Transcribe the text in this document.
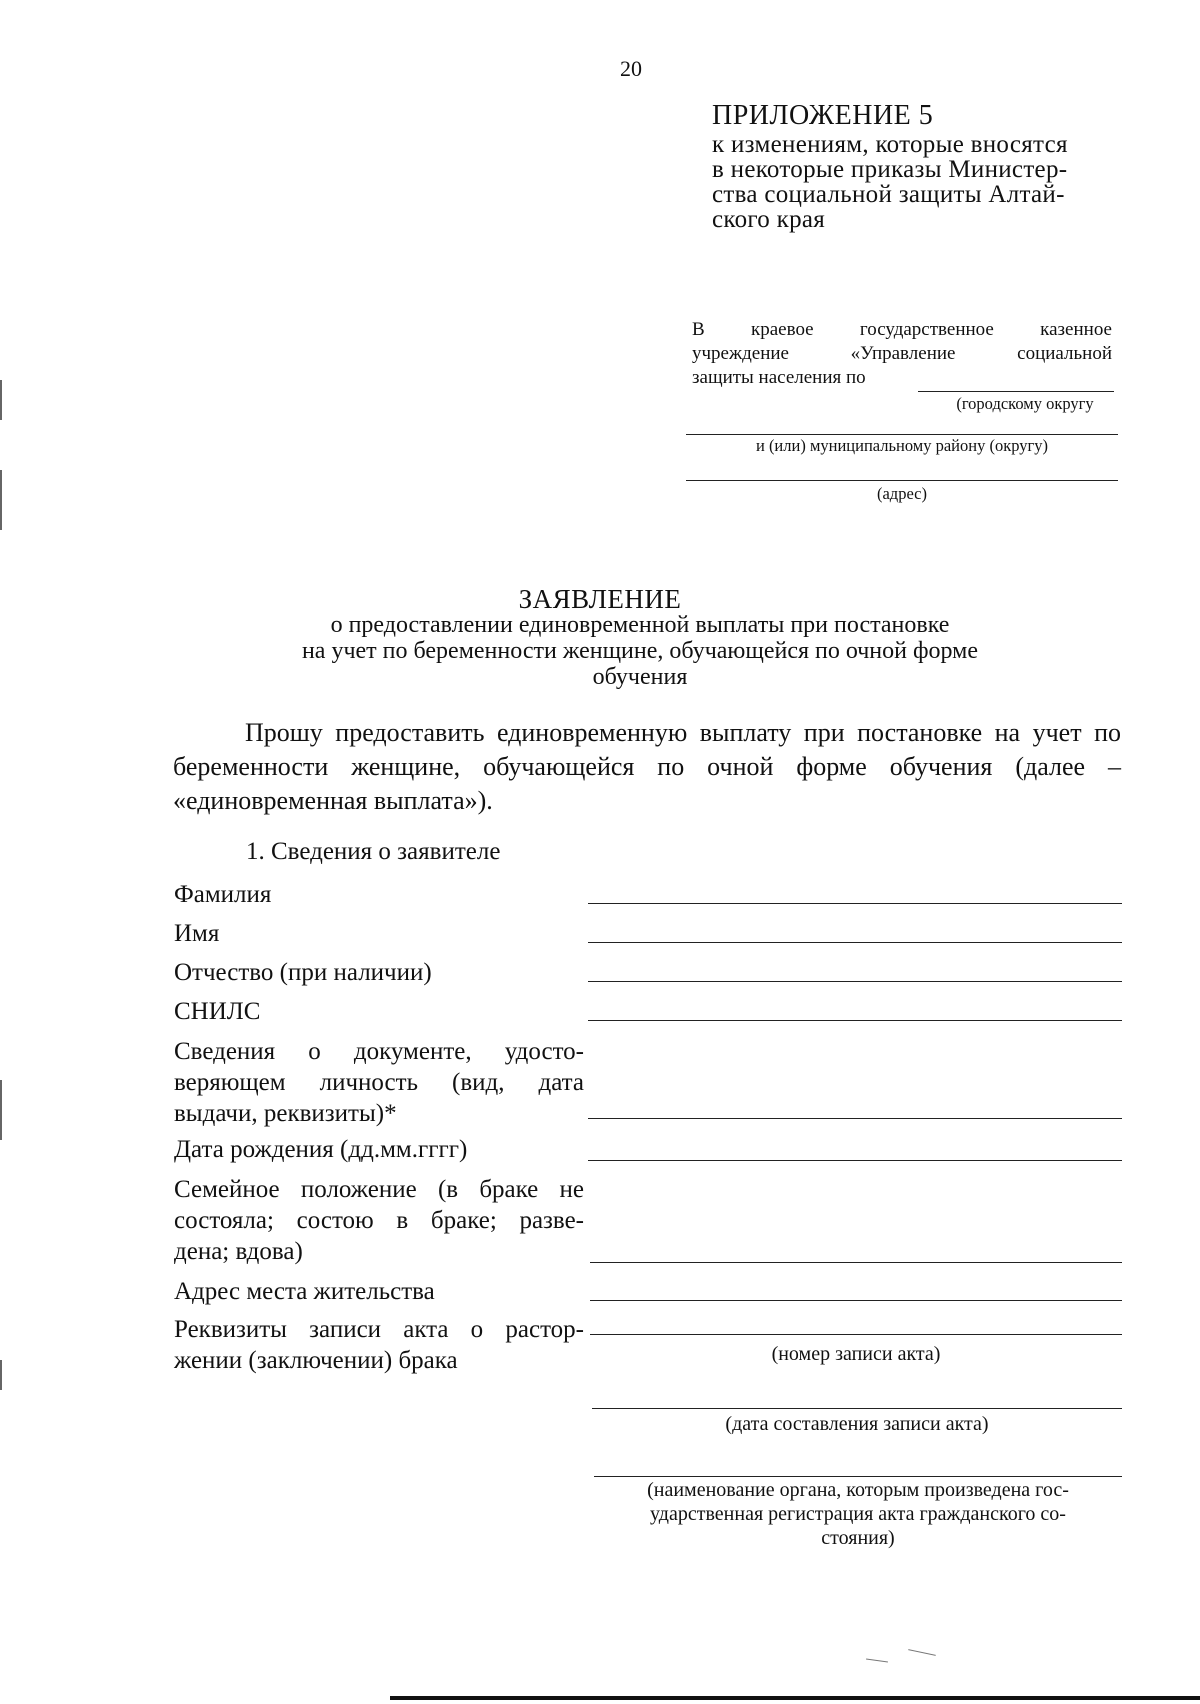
20
ПРИЛОЖЕНИЕ 5
к изменениям, которые вносятся
в некоторые приказы Министер-
ства социальной защиты Алтай-
ского края
В краевое государственное казенное
учреждение «Управление социальной
защиты населения по
(городскому округу
и (или) муниципальному району (округу)
(адрес)
ЗАЯВЛЕНИЕ
о предоставлении единовременной выплаты при постановке
на учет по беременности женщине, обучающейся по очной форме
обучения

Прошу предоставить единовременную выплату при постановке на учет по беременности женщине, обучающейся по очной форме обучения (далее – «единовременная выплата»).

1. Сведения о заявителе
Фамилия
Имя
Отчество (при наличии)
СНИЛС
Сведения о документе, удосто-
веряющем личность (вид, дата
выдачи, реквизиты)*
Дата рождения (дд.мм.гггг)
Семейное положение (в браке не
состояла; состою в браке; разве-
дена; вдова)
Адрес места жительства
Реквизиты записи акта о растор-
жении (заключении) брака	(номер записи акта)
(дата составления записи акта)
(наименование органа, которым произведена гос-
ударственная регистрация акта гражданского со-
стояния)
